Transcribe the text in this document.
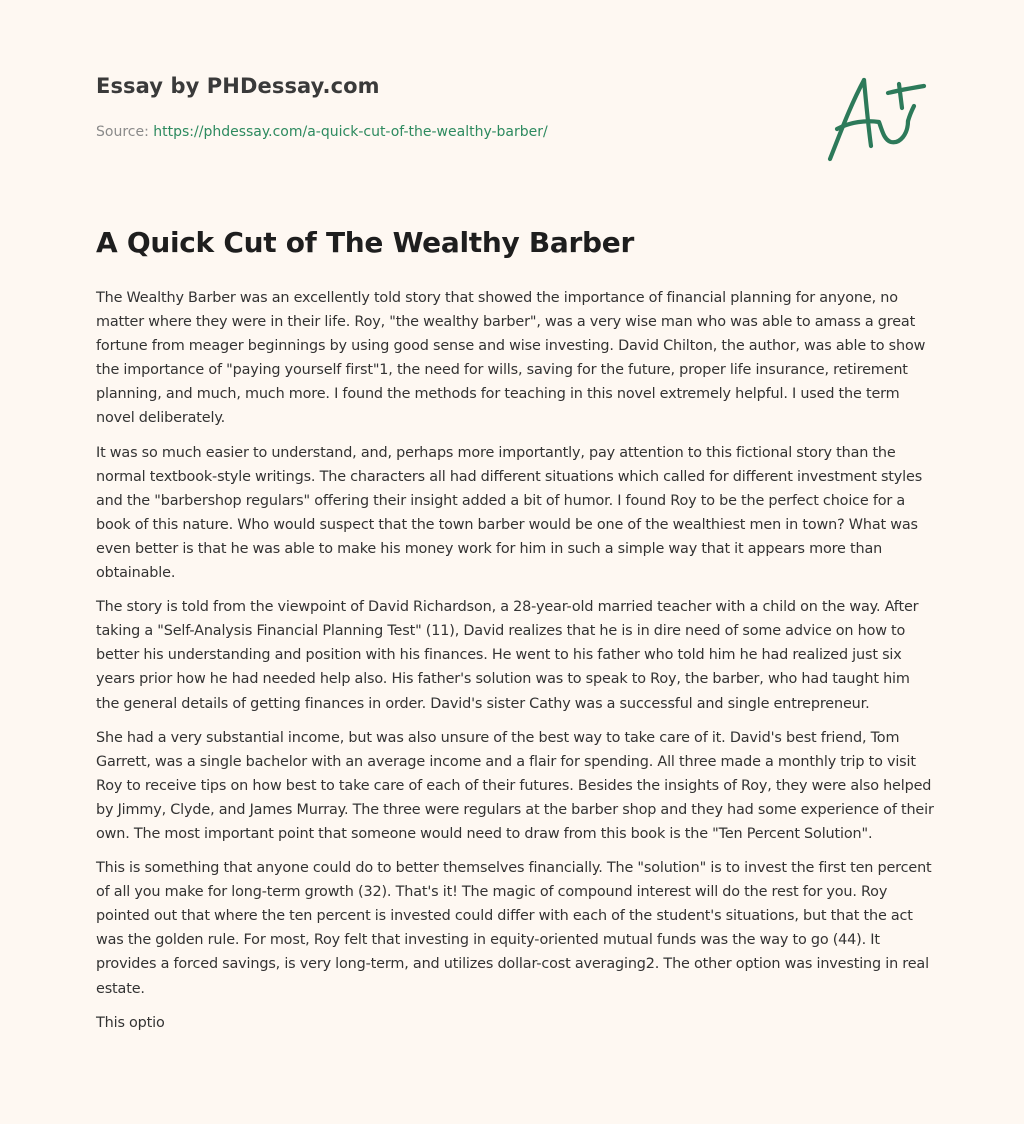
Essay by PHDessay.com
Source: https://phdessay.com/a-quick-cut-of-the-wealthy-barber/
A Quick Cut of The Wealthy Barber

The Wealthy Barber was an excellently told story that showed the importance of financial planning for anyone, no matter where they were in their life. Roy, "the wealthy barber", was a very wise man who was able to amass a great fortune from meager beginnings by using good sense and wise investing. David Chilton, the author, was able to show the importance of "paying yourself first"1, the need for wills, saving for the future, proper life insurance, retirement planning, and much, much more. I found the methods for teaching in this novel extremely helpful. I used the term novel deliberately.

It was so much easier to understand, and, perhaps more importantly, pay attention to this fictional story than the normal textbook-style writings. The characters all had different situations which called for different investment styles and the "barbershop regulars" offering their insight added a bit of humor. I found Roy to be the perfect choice for a book of this nature. Who would suspect that the town barber would be one of the wealthiest men in town? What was even better is that he was able to make his money work for him in such a simple way that it appears more than obtainable.

The story is told from the viewpoint of David Richardson, a 28-year-old married teacher with a child on the way. After taking a "Self-Analysis Financial Planning Test" (11), David realizes that he is in dire need of some advice on how to better his understanding and position with his finances. He went to his father who told him he had realized just six years prior how he had needed help also. His father's solution was to speak to Roy, the barber, who had taught him the general details of getting finances in order. David's sister Cathy was a successful and single entrepreneur.

She had a very substantial income, but was also unsure of the best way to take care of it. David's best friend, Tom Garrett, was a single bachelor with an average income and a flair for spending. All three made a monthly trip to visit Roy to receive tips on how best to take care of each of their futures. Besides the insights of Roy, they were also helped by Jimmy, Clyde, and James Murray. The three were regulars at the barber shop and they had some experience of their own. The most important point that someone would need to draw from this book is the "Ten Percent Solution".

This is something that anyone could do to better themselves financially. The "solution" is to invest the first ten percent of all you make for long-term growth (32). That's it! The magic of compound interest will do the rest for you. Roy pointed out that where the ten percent is invested could differ with each of the student's situations, but that the act was the golden rule. For most, Roy felt that investing in equity-oriented mutual funds was the way to go (44). It provides a forced savings, is very long-term, and utilizes dollar-cost averaging2. The other option was investing in real estate.

This optio
